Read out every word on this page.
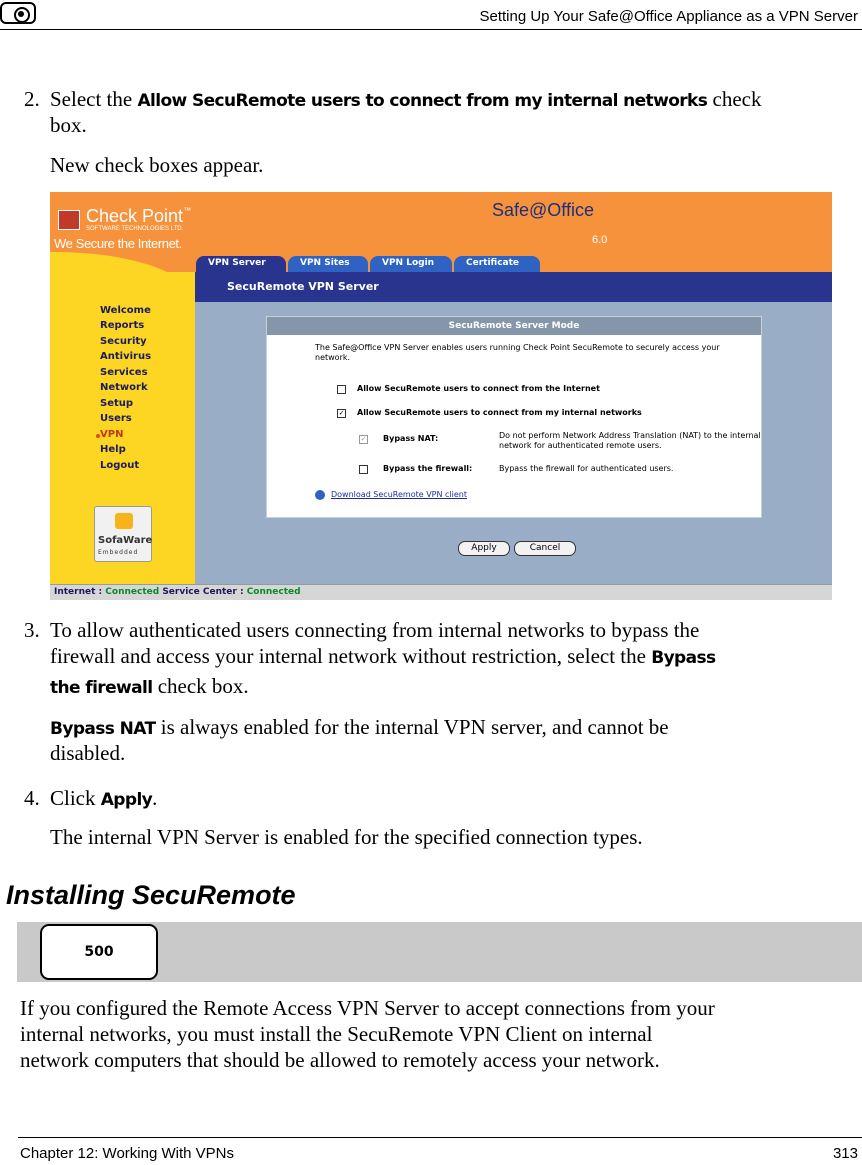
Setting Up Your Safe@Office Appliance as a VPN Server
2. Select the Allow SecuRemote users to connect from my internal networks check
box.
New check boxes appear.
Check Point™
SOFTWARE TECHNOLOGIES LTD.
We Secure the Internet.
Safe@Office
6.0
VPN Server	VPN Sites	VPN Login	Certificate
SecuRemote VPN Server
Welcome
Reports
Security
Antivirus
Services
Network
Setup
Users
VPN
Help
Logout
SofaWare
Embedded
SecuRemote Server Mode
The Safe@Office VPN Server enables users running Check Point SecuRemote to securely access your network.
Allow SecuRemote users to connect from the Internet
✓ Allow SecuRemote users to connect from my internal networks
✓ Bypass NAT:	Do not perform Network Address Translation (NAT) to the internal network for authenticated remote users.
Bypass the firewall:	Bypass the firewall for authenticated users.
Download SecuRemote VPN client
Apply	Cancel
Internet : Connected Service Center : Connected
3. To allow authenticated users connecting from internal networks to bypass the
firewall and access your internal network without restriction, select the Bypass
the firewall check box.
Bypass NAT is always enabled for the internal VPN server, and cannot be
disabled.
4. Click Apply.
The internal VPN Server is enabled for the specified connection types.
Installing SecuRemote
500
If you configured the Remote Access VPN Server to accept connections from your
internal networks, you must install the SecuRemote VPN Client on internal
network computers that should be allowed to remotely access your network.
Chapter 12: Working With VPNs	313
